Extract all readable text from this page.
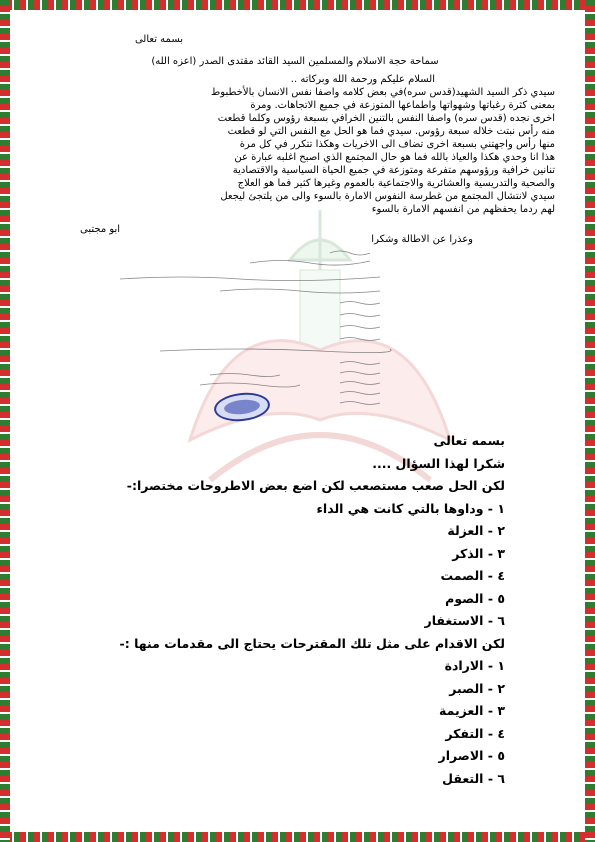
بسمه تعالى
سماحة حجة الاسلام والمسلمين السيد القائد مقتدى الصدر (اعزه الله)
السلام عليكم ورحمة الله وبركاته ..
سيدي ذكر السيد الشهيد(قدس سره)في بعض كلامه واصفا نفس الانسان بالأخطبوط
بمعنى كثرة رغباتها وشهواتها واطماعها المتوزعة في جميع الاتجاهات. ومرة
اخرى نجده (قدس سره) واصفا النفس بالتنين الخرافي بسبعة رؤوس وكلما قطعت
منه رأس نبتت خلاله سبعة رؤوس. سيدي فما هو الحل مع النفس التي لو قطعت
منها رأس واجهتني بسبعة اخرى تضاف الى الاخريات وهكذا تتكرر في كل مرة
هذا انا وحدي هكذا والعياذ بالله فما هو حال المجتمع الذي اصبح اغلبه عبارة عن
تنانين خرافية ورؤوسهم متفرعة ومتوزعة في جميع الحياة السياسية والاقتصادية
والصحية والتدريسية والعشائرية والاجتماعية بالعموم وغيرها كثير فما هو العلاج
سيدي لانتشال المجتمع من غطرسة النفوس الامارة بالسوء والى من يلتجئ ليجعل
لهم ردما يحفظهم من انفسهم الامارة بالسوء
ابو مجتبى
وعذرا عن الاطالة وشكرا
بسمه تعالى
شكرا لهذا السؤال ....
لكن الحل صعب مستصعب لكن اضع بعض الاطروحات مختصرا:-
١ - وداوها بالتي كانت هي الداء
٢ - العزلة
٣ - الذكر
٤ - الصمت
٥ - الصوم
٦ - الاستغفار
لكن الاقدام على مثل تلك المقترحات يحتاج الى مقدمات منها :-
١ - الارادة
٢ - الصبر
٣ - العزيمة
٤ - التفكر
٥ - الاصرار
٦ - التعقل
